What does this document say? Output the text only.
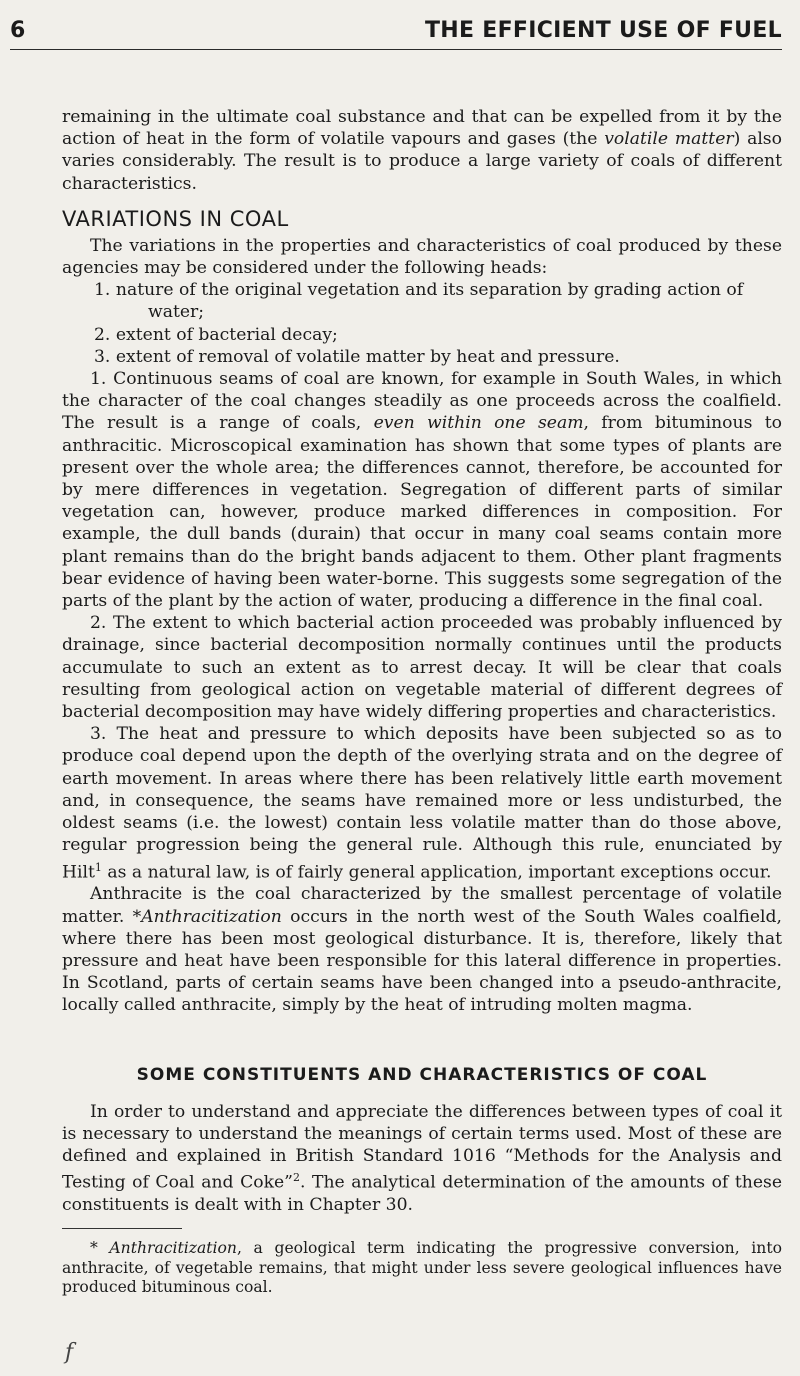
6	THE EFFICIENT USE OF FUEL

remaining in the ultimate coal substance and that can be expelled from it by the action of heat in the form of volatile vapours and gases (the volatile matter) also varies considerably. The result is to produce a large variety of coals of different characteristics.

VARIATIONS IN COAL

The variations in the properties and characteristics of coal produced by these agencies may be considered under the following heads:

1. nature of the original vegetation and its separation by grading action of
water;
2. extent of bacterial decay;
3. extent of removal of volatile matter by heat and pressure.

1. Continuous seams of coal are known, for example in South Wales, in which the character of the coal changes steadily as one proceeds across the coalfield. The result is a range of coals, even within one seam, from bituminous to anthracitic. Microscopical examination has shown that some types of plants are present over the whole area; the differences cannot, therefore, be accounted for by mere differences in vegetation. Segregation of different parts of similar vegetation can, however, produce marked differences in composition. For example, the dull bands (durain) that occur in many coal seams contain more plant remains than do the bright bands adjacent to them. Other plant fragments bear evidence of having been water-borne. This suggests some segregation of the parts of the plant by the action of water, producing a difference in the final coal.

2. The extent to which bacterial action proceeded was probably influenced by drainage, since bacterial decomposition normally continues until the products accumulate to such an extent as to arrest decay. It will be clear that coals resulting from geological action on vegetable material of different degrees of bacterial decomposition may have widely differing properties and characteristics.

3. The heat and pressure to which deposits have been subjected so as to produce coal depend upon the depth of the overlying strata and on the degree of earth movement. In areas where there has been relatively little earth movement and, in consequence, the seams have remained more or less undisturbed, the oldest seams (i.e. the lowest) contain less volatile matter than do those above, regular progression being the general rule. Although this rule, enunciated by Hilt$^1$ as a natural law, is of fairly general application, important exceptions occur.

Anthracite is the coal characterized by the smallest percentage of volatile matter. *Anthracitization occurs in the north west of the South Wales coalfield, where there has been most geological disturbance. It is, therefore, likely that pressure and heat have been responsible for this lateral difference in properties. In Scotland, parts of certain seams have been changed into a pseudo-anthracite, locally called anthracite, simply by the heat of intruding molten magma.

SOME CONSTITUENTS AND CHARACTERISTICS OF COAL

In order to understand and appreciate the differences between types of coal it is necessary to understand the meanings of certain terms used. Most of these are defined and explained in British Standard 1016 “Methods for the Analysis and Testing of Coal and Coke”$^2$. The analytical determination of the amounts of these constituents is dealt with in Chapter 30.

* Anthracitization, a geological term indicating the progressive conversion, into anthracite, of vegetable remains, that might under less severe geological influences have produced bituminous coal.

f
